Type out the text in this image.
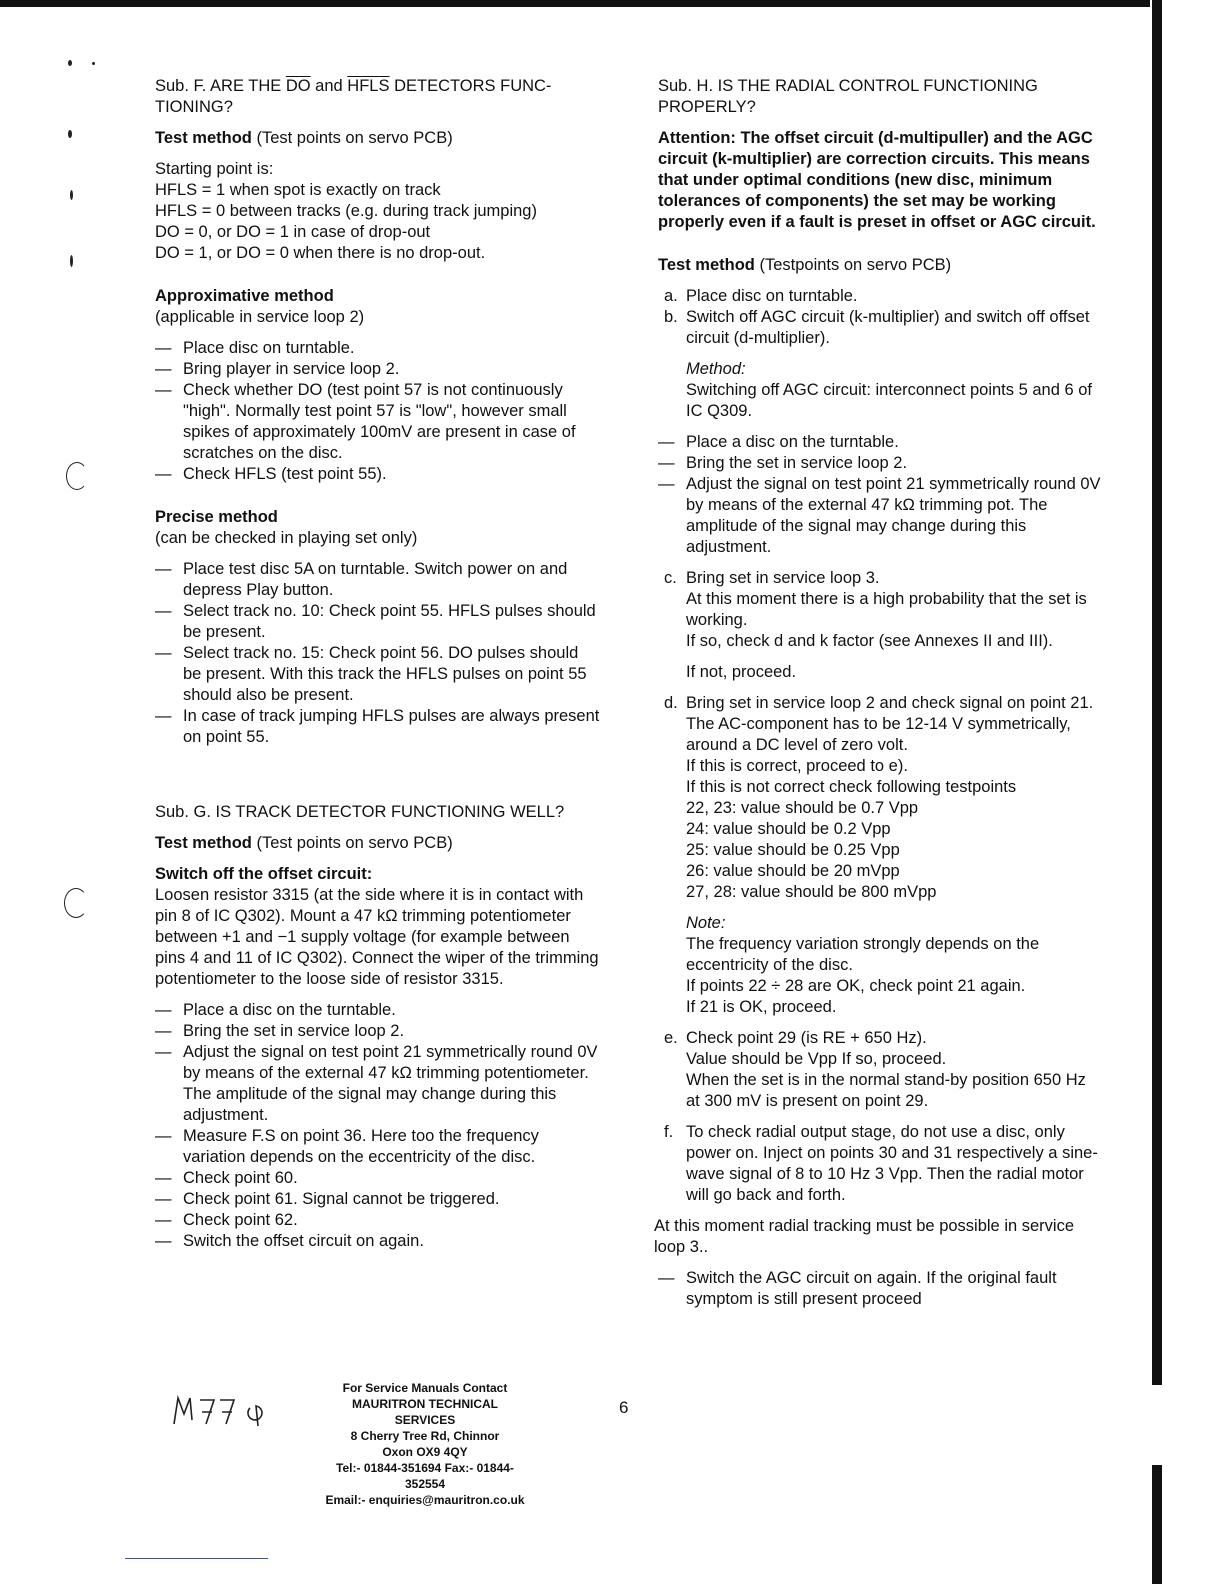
Sub. F. ARE THE $\overline{DO}$ and HFLS DETECTORS FUNC-
TIONING?

Test method (Test points on servo PCB)

Starting point is:
HFLS = 1 when spot is exactly on track
HFLS = 0 between tracks (e.g. during track jumping)
DO = 0, or DO = 1 in case of drop-out
DO = 1, or DO = 0 when there is no drop-out.

Approximative method

(applicable in service loop 2)

— Place disc on turntable.
— Bring player in service loop 2.
— Check whether DO (test point 57 is not continuously "high". Normally test point 57 is "low", however small spikes of approximately 100mV are present in case of scratches on the disc.
— Check HFLS (test point 55).

Precise method

(can be checked in playing set only)

— Place test disc 5A on turntable. Switch power on and depress Play button.
— Select track no. 10: Check point 55. HFLS pulses should be present.
— Select track no. 15: Check point 56. DO pulses should be present. With this track the HFLS pulses on point 55 should also be present.
— In case of track jumping HFLS pulses are always present on point 55.

Sub. G. IS TRACK DETECTOR FUNCTIONING WELL?

Test method (Test points on servo PCB)

Switch off the offset circuit:

Loosen resistor 3315 (at the side where it is in contact with pin 8 of IC Q302). Mount a 47 kΩ trimming potentiometer between +1 and −1 supply voltage (for example between pins 4 and 11 of IC Q302). Connect the wiper of the trimming potentiometer to the loose side of resistor 3315.

— Place a disc on the turntable.
— Bring the set in service loop 2.
— Adjust the signal on test point 21 symmetrically round 0V by means of the external 47 kΩ trimming potentiometer. The amplitude of the signal may change during this adjustment.
— Measure F.S on point 36. Here too the frequency variation depends on the eccentricity of the disc.
— Check point 60.
— Check point 61. Signal cannot be triggered.
— Check point 62.
— Switch the offset circuit on again.

Sub. H. IS THE RADIAL CONTROL FUNCTIONING PROPERLY?

Attention: The offset circuit (d-multipuller) and the AGC circuit (k-multiplier) are correction circuits. This means that under optimal conditions (new disc, minimum tolerances of components) the set may be working properly even if a fault is preset in offset or AGC circuit.

Test method (Testpoints on servo PCB)

a. Place disc on turntable.
b. Switch off AGC circuit (k-multiplier) and switch off offset circuit (d-multiplier).
Method:
Switching off AGC circuit: interconnect points 5 and 6 of IC Q309.
— Place a disc on the turntable.
— Bring the set in service loop 2.
— Adjust the signal on test point 21 symmetrically round 0V by means of the external 47 kΩ trimming pot. The amplitude of the signal may change during this adjustment.
c. Bring set in service loop 3.
At this moment there is a high probability that the set is working.
If so, check d and k factor (see Annexes II and III).
If not, proceed.
d. Bring set in service loop 2 and check signal on point 21.
The AC-component has to be 12-14 V symmetrically, around a DC level of zero volt.
If this is correct, proceed to e).
If this is not correct check following testpoints
22, 23: value should be 0.7 Vpp
24: value should be 0.2 Vpp
25: value should be 0.25 Vpp
26: value should be 20 mVpp
27, 28: value should be 800 mVpp
Note:
The frequency variation strongly depends on the eccentricity of the disc.
If points 22 ÷ 28 are OK, check point 21 again.
If 21 is OK, proceed.
e. Check point 29 (is RE + 650 Hz).
Value should be Vpp If so, proceed.
When the set is in the normal stand-by position 650 Hz at 300 mV is present on point 29.
f. To check radial output stage, do not use a disc, only power on. Inject on points 30 and 31 respectively a sine-wave signal of 8 to 10 Hz 3 Vpp. Then the radial motor will go back and forth.

At this moment radial tracking must be possible in service loop 3..

— Switch the AGC circuit on again. If the original fault symptom is still present proceed
For Service Manuals Contact
MAURITRON TECHNICAL SERVICES
8 Cherry Tree Rd, Chinnor
Oxon OX9 4QY
Tel:- 01844-351694 Fax:- 01844-352554
Email:- enquiries@mauritron.co.uk
6
